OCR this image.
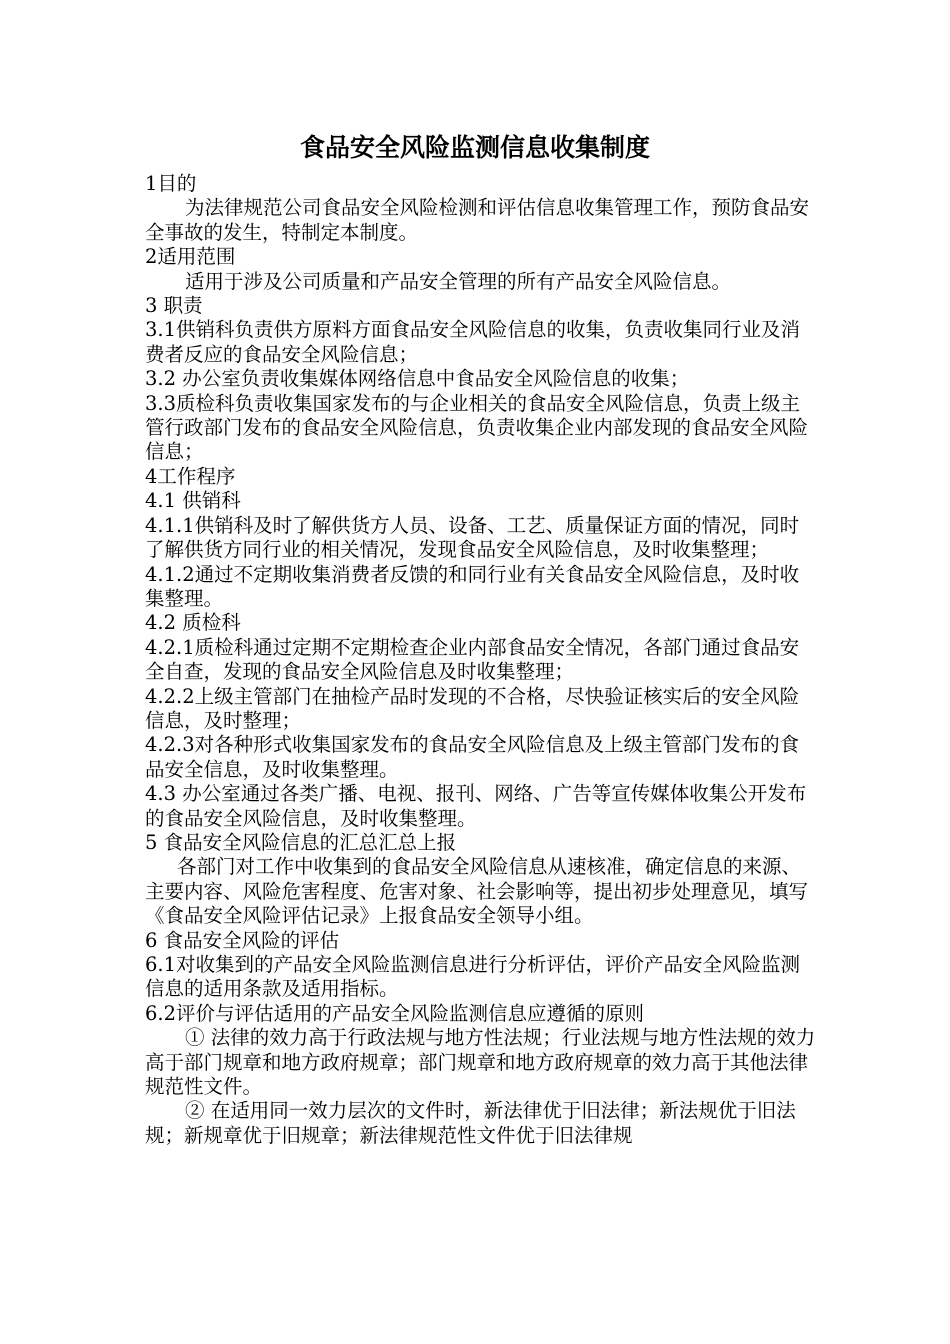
食品安全风险监测信息收集制度

1目的

为法律规范公司食品安全风险检测和评估信息收集管理工作，预防食品安全事故的发生，特制定本制度。

2适用范围

适用于涉及公司质量和产品安全管理的所有产品安全风险信息。

3 职责

3.1供销科负责供方原料方面食品安全风险信息的收集，负责收集同行业及消费者反应的食品安全风险信息；

3.2 办公室负责收集媒体网络信息中食品安全风险信息的收集；

3.3质检科负责收集国家发布的与企业相关的食品安全风险信息，负责上级主管行政部门发布的食品安全风险信息，负责收集企业内部发现的食品安全风险信息；

4工作程序

4.1 供销科

4.1.1供销科及时了解供货方人员、设备、工艺、质量保证方面的情况，同时了解供货方同行业的相关情况，发现食品安全风险信息，及时收集整理；

4.1.2通过不定期收集消费者反馈的和同行业有关食品安全风险信息，及时收集整理。

4.2 质检科

4.2.1质检科通过定期不定期检查企业内部食品安全情况，各部门通过食品安全自查，发现的食品安全风险信息及时收集整理；

4.2.2上级主管部门在抽检产品时发现的不合格，尽快验证核实后的安全风险信息，及时整理；

4.2.3对各种形式收集国家发布的食品安全风险信息及上级主管部门发布的食品安全信息，及时收集整理。

4.3 办公室通过各类广播、电视、报刊、网络、广告等宣传媒体收集公开发布的食品安全风险信息，及时收集整理。

5 食品安全风险信息的汇总汇总上报

各部门对工作中收集到的食品安全风险信息从速核准，确定信息的来源、主要内容、风险危害程度、危害对象、社会影响等，提出初步处理意见，填写《食品安全风险评估记录》上报食品安全领导小组。

6 食品安全风险的评估

6.1对收集到的产品安全风险监测信息进行分析评估，评价产品安全风险监测信息的适用条款及适用指标。

6.2评价与评估适用的产品安全风险监测信息应遵循的原则

① 法律的效力高于行政法规与地方性法规；行业法规与地方性法规的效力高于部门规章和地方政府规章；部门规章和地方政府规章的效力高于其他法律规范性文件。

② 在适用同一效力层次的文件时，新法律优于旧法律；新法规优于旧法规；新规章优于旧规章；新法律规范性文件优于旧法律规
